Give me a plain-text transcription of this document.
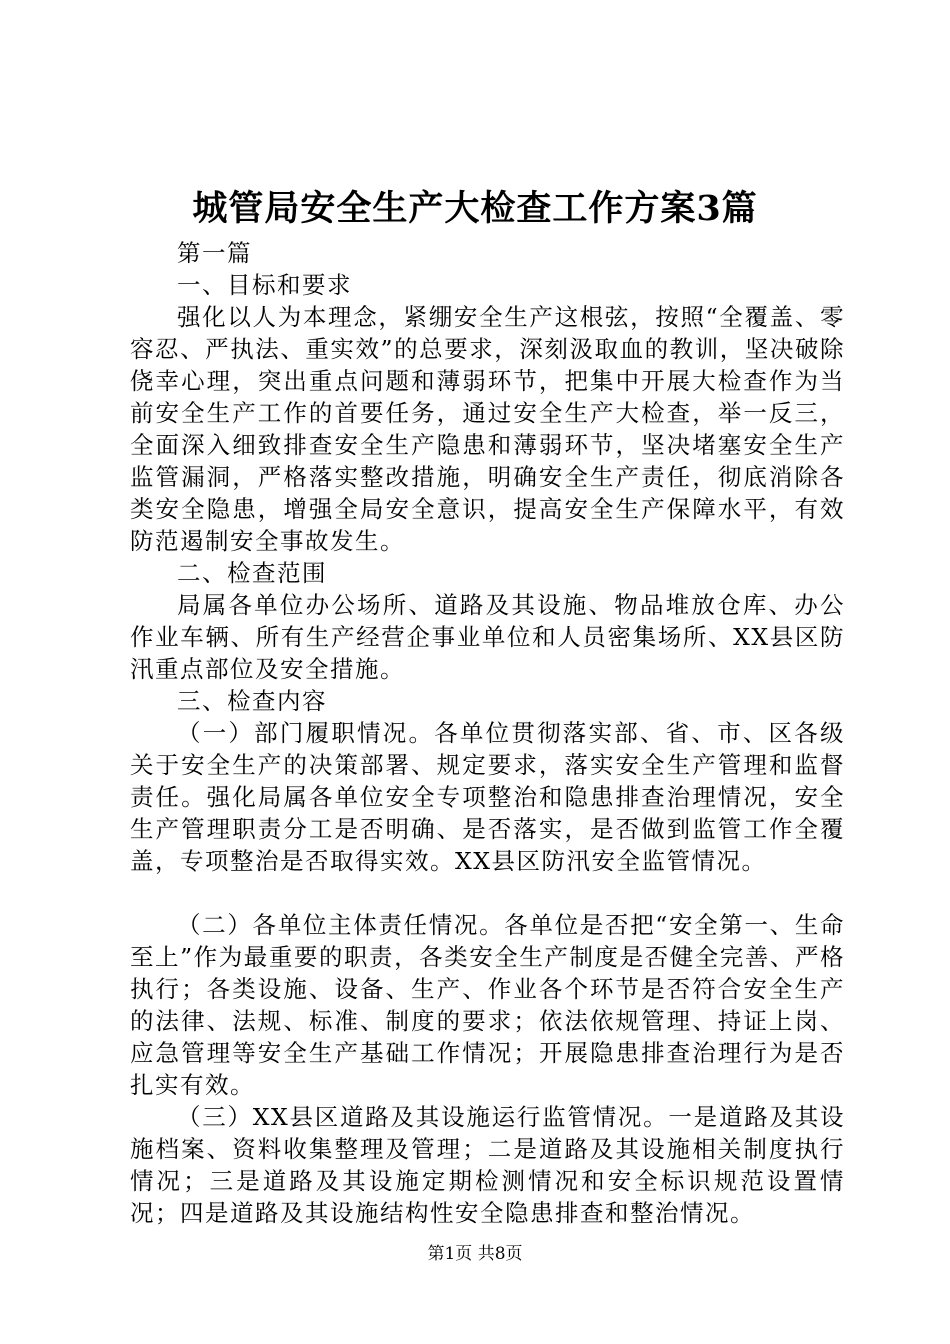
城管局安全生产大检查工作方案3篇

第一篇

一、目标和要求

强化以人为本理念，紧绷安全生产这根弦，按照“全覆盖、零容忍、严执法、重实效”的总要求，深刻汲取血的教训，坚决破除侥幸心理，突出重点问题和薄弱环节，把集中开展大检查作为当前安全生产工作的首要任务，通过安全生产大检查，举一反三，全面深入细致排查安全生产隐患和薄弱环节，坚决堵塞安全生产监管漏洞，严格落实整改措施，明确安全生产责任，彻底消除各类安全隐患，增强全局安全意识，提高安全生产保障水平，有效防范遏制安全事故发生。

二、检查范围

局属各单位办公场所、道路及其设施、物品堆放仓库、办公作业车辆、所有生产经营企事业单位和人员密集场所、XX县区防汛重点部位及安全措施。

三、检查内容

（一）部门履职情况。各单位贯彻落实部、省、市、区各级关于安全生产的决策部署、规定要求，落实安全生产管理和监督责任。强化局属各单位安全专项整治和隐患排查治理情况，安全生产管理职责分工是否明确、是否落实，是否做到监管工作全覆盖，专项整治是否取得实效。XX县区防汛安全监管情况。

（二）各单位主体责任情况。各单位是否把“安全第一、生命至上”作为最重要的职责，各类安全生产制度是否健全完善、严格执行；各类设施、设备、生产、作业各个环节是否符合安全生产的法律、法规、标准、制度的要求；依法依规管理、持证上岗、应急管理等安全生产基础工作情况；开展隐患排查治理行为是否扎实有效。

（三）XX县区道路及其设施运行监管情况。一是道路及其设施档案、资料收集整理及管理；二是道路及其设施相关制度执行情况；三是道路及其设施定期检测情况和安全标识规范设置情况；四是道路及其设施结构性安全隐患排查和整治情况。

第1页 共8页
